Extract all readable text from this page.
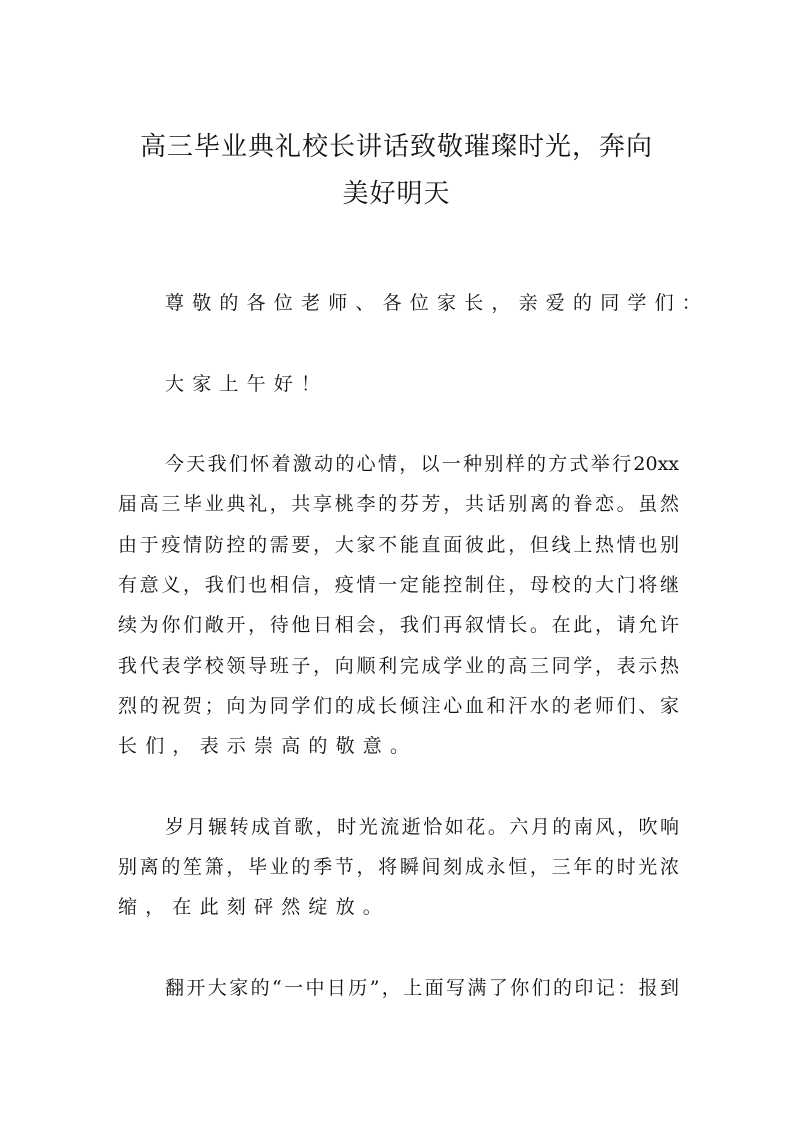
高三毕业典礼校长讲话致敬璀璨时光，奔向
美好明天
尊敬的各位老师、各位家长，亲爱的同学们：
大家上午好！
今天我们怀着激动的心情，以一种别样的方式举行20xx
届高三毕业典礼，共享桃李的芬芳，共话别离的眷恋。虽然
由于疫情防控的需要，大家不能直面彼此，但线上热情也别
有意义，我们也相信，疫情一定能控制住，母校的大门将继
续为你们敞开，待他日相会，我们再叙情长。在此，请允许
我代表学校领导班子，向顺利完成学业的高三同学，表示热
烈的祝贺；向为同学们的成长倾注心血和汗水的老师们、家
长们，表示崇高的敬意。
岁月辗转成首歌，时光流逝恰如花。六月的南风，吹响
别离的笙箫，毕业的季节，将瞬间刻成永恒，三年的时光浓
缩，在此刻砰然绽放。
翻开大家的“一中日历”，上面写满了你们的印记：报到
